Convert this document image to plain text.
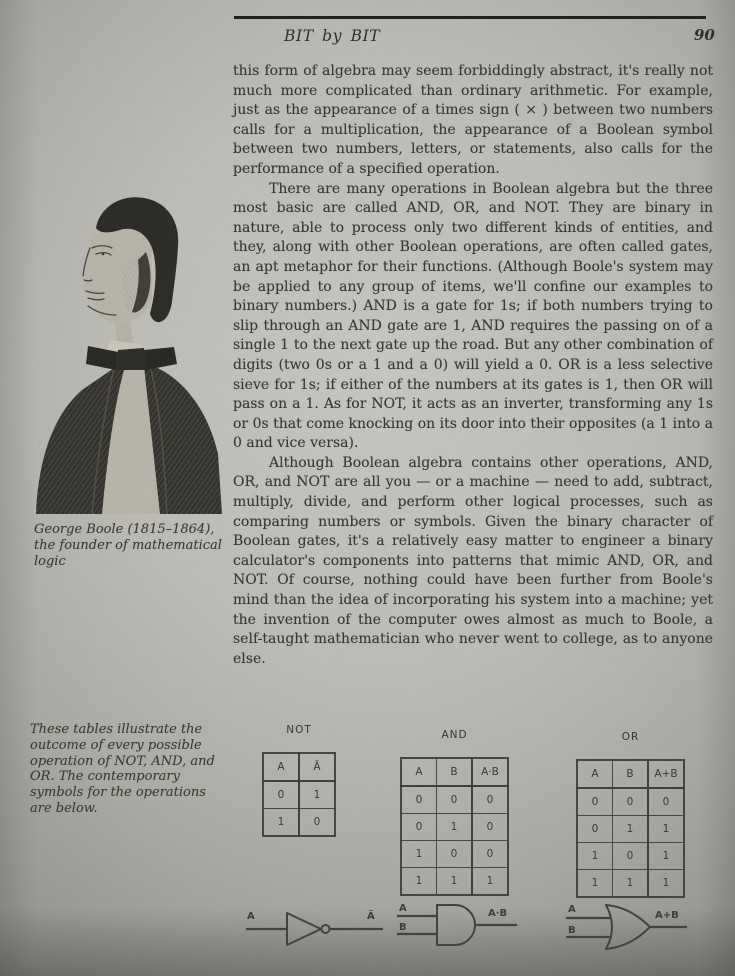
BIT by BIT	90

this form of algebra may seem forbiddingly abstract, it's really not much more complicated than ordinary arithmetic. For example, just as the appearance of a times sign ( × ) between two numbers calls for a multiplication, the appearance of a Boolean symbol between two numbers, letters, or statements, also calls for the performance of a specified operation.

There are many operations in Boolean algebra but the three most basic are called AND, OR, and NOT. They are binary in nature, able to process only two different kinds of entities, and they, along with other Boolean operations, are often called gates, an apt metaphor for their functions. (Although Boole's system may be applied to any group of items, we'll confine our examples to binary numbers.) AND is a gate for 1s; if both numbers trying to slip through an AND gate are 1, AND requires the passing on of a single 1 to the next gate up the road. But any other combination of digits (two 0s or a 1 and a 0) will yield a 0. OR is a less selective sieve for 1s; if either of the numbers at its gates is 1, then OR will pass on a 1. As for NOT, it acts as an inverter, transforming any 1s or 0s that come knocking on its door into their opposites (a 1 into a 0 and vice versa).

Although Boolean algebra contains other operations, AND, OR, and NOT are all you — or a machine — need to add, subtract, multiply, divide, and perform other logical processes, such as comparing numbers or symbols. Given the binary character of Boolean gates, it's a relatively easy matter to engineer a binary calculator's components into patterns that mimic AND, OR, and NOT. Of course, nothing could have been further from Boole's mind than the idea of incorporating his system into a machine; yet the invention of the computer owes almost as much to Boole, a self-taught mathematician who never went to college, as to anyone else.

George Boole (1815–1864), the founder of mathematical logic
These tables illustrate the outcome of every possible operation of NOT, AND, and OR. The contemporary symbols for the operations are below.
NOT
A	Ā
0	1
1	0
AND
A	B	A·B
0	0	0
0	1	0
1	0	0
1	1	1
OR
A	B	A+B
0	0	0
0	1	1
1	0	1
1	1	1
A	Ā
A
B
A·B	A
B
A+B
